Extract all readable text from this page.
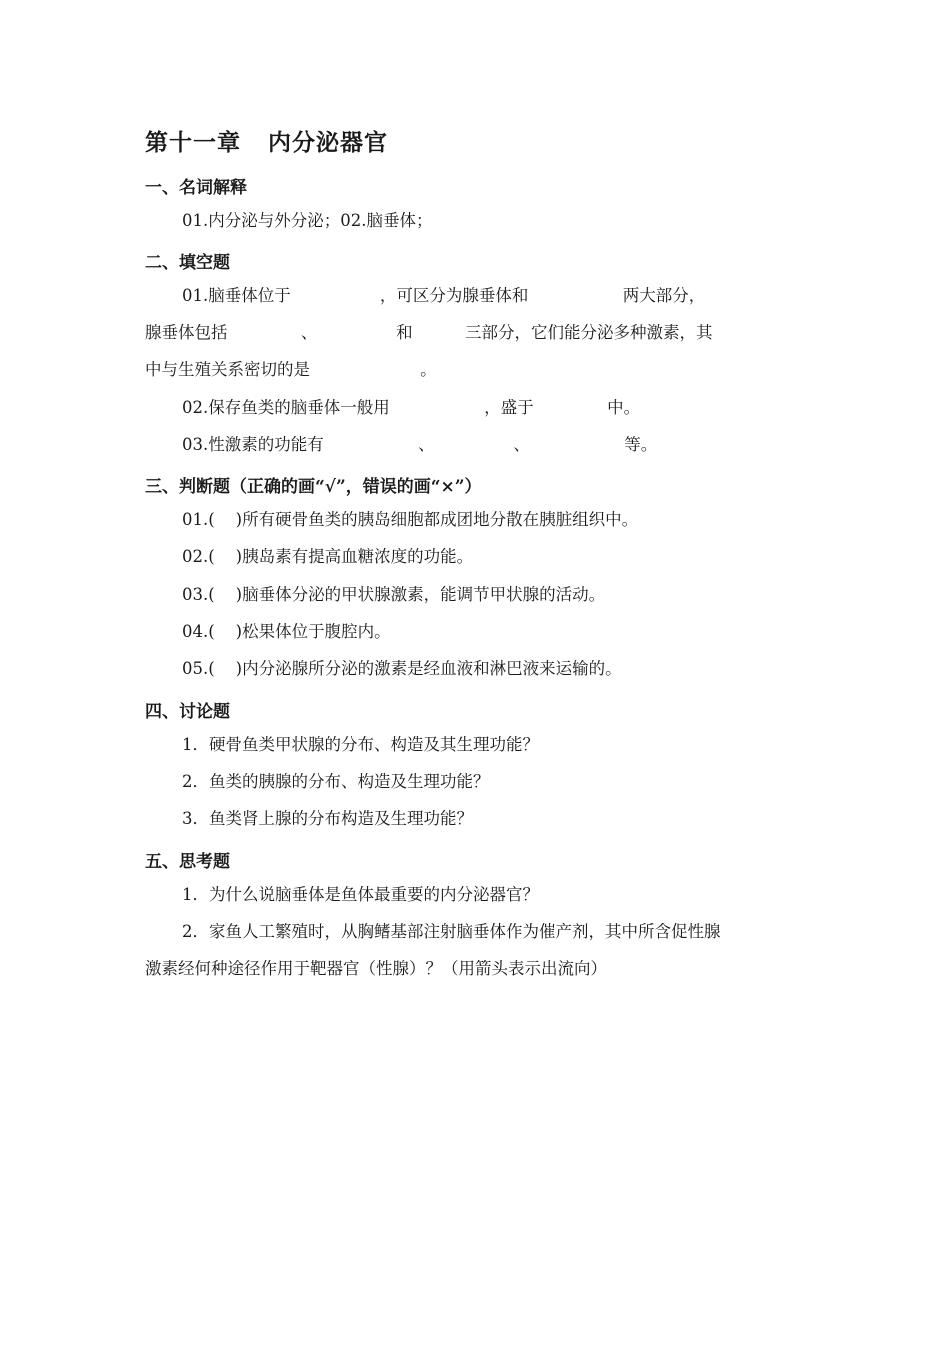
第十一章   内分泌器官
一、名词解释
01.内分泌与外分泌；02.脑垂体；
二、填空题
01.脑垂体位于                 ，可区分为腺垂体和                  两大部分，
腺垂体包括              、               和          三部分，它们能分泌多种激素，其
中与生殖关系密切的是                     。
02.保存鱼类的脑垂体一般用                  ，盛于              中。
03.性激素的功能有                  、               、                  等。
三、判断题（正确的画“√”，错误的画“×”）
01.(    )所有硬骨鱼类的胰岛细胞都成团地分散在胰脏组织中。
02.(    )胰岛素有提高血糖浓度的功能。
03.(    )脑垂体分泌的甲状腺激素，能调节甲状腺的活动。
04.(    )松果体位于腹腔内。
05.(    )内分泌腺所分泌的激素是经血液和淋巴液来运输的。
四、讨论题
1．硬骨鱼类甲状腺的分布、构造及其生理功能？
2．鱼类的胰腺的分布、构造及生理功能？
3．鱼类肾上腺的分布构造及生理功能？
五、思考题
1．为什么说脑垂体是鱼体最重要的内分泌器官？
2．家鱼人工繁殖时，从胸鳍基部注射脑垂体作为催产剂，其中所含促性腺
激素经何种途径作用于靶器官（性腺）？（用箭头表示出流向）
